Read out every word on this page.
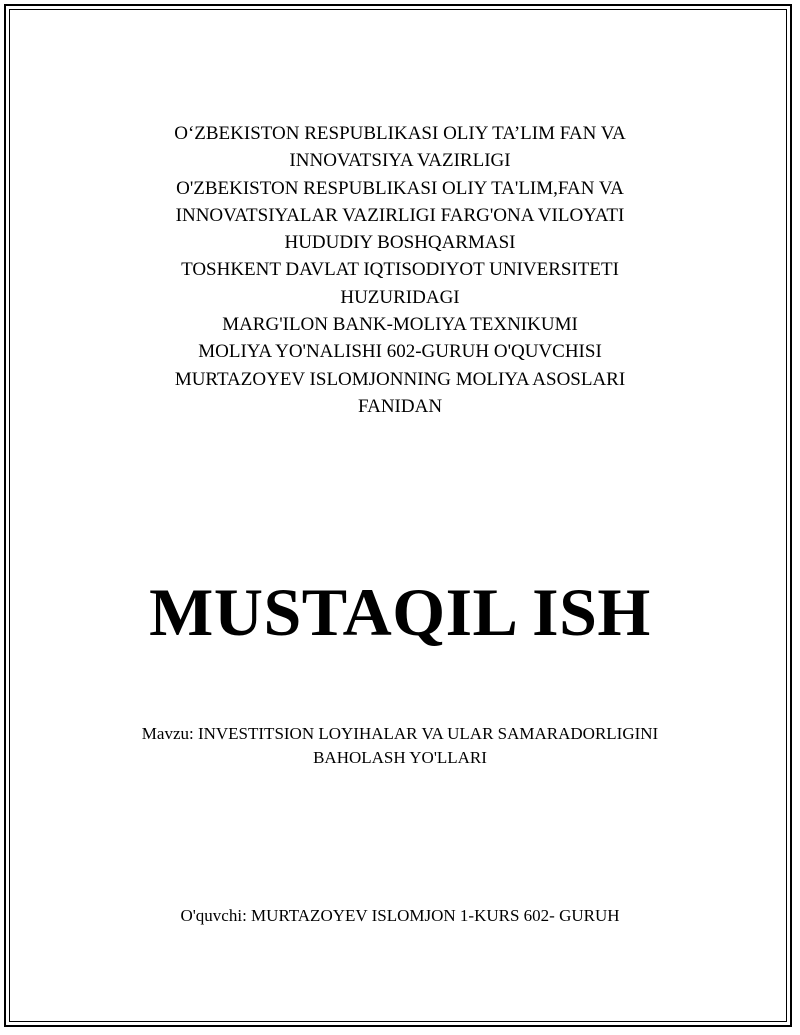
O‘ZBEKISTON RESPUBLIKASI OLIY TA’LIM FAN VA
INNOVATSIYA VAZIRLIGI
O'ZBEKISTON RESPUBLIKASI OLIY TA'LIM,FAN VA
INNOVATSIYALAR VAZIRLIGI FARG'ONA VILOYATI
HUDUDIY BOSHQARMASI
TOSHKENT DAVLAT IQTISODIYOT UNIVERSITETI
HUZURIDAGI
MARG'ILON BANK-MOLIYA TEXNIKUMI
MOLIYA YO'NALISHI 602-GURUH O'QUVCHISI
MURTAZOYEV ISLOMJONNING MOLIYA ASOSLARI
FANIDAN
MUSTAQIL ISH
Mavzu: INVESTITSION LOYIHALAR VA ULAR SAMARADORLIGINI
BAHOLASH YO'LLARI
O'quvchi: MURTAZOYEV ISLOMJON 1-KURS 602- GURUH
